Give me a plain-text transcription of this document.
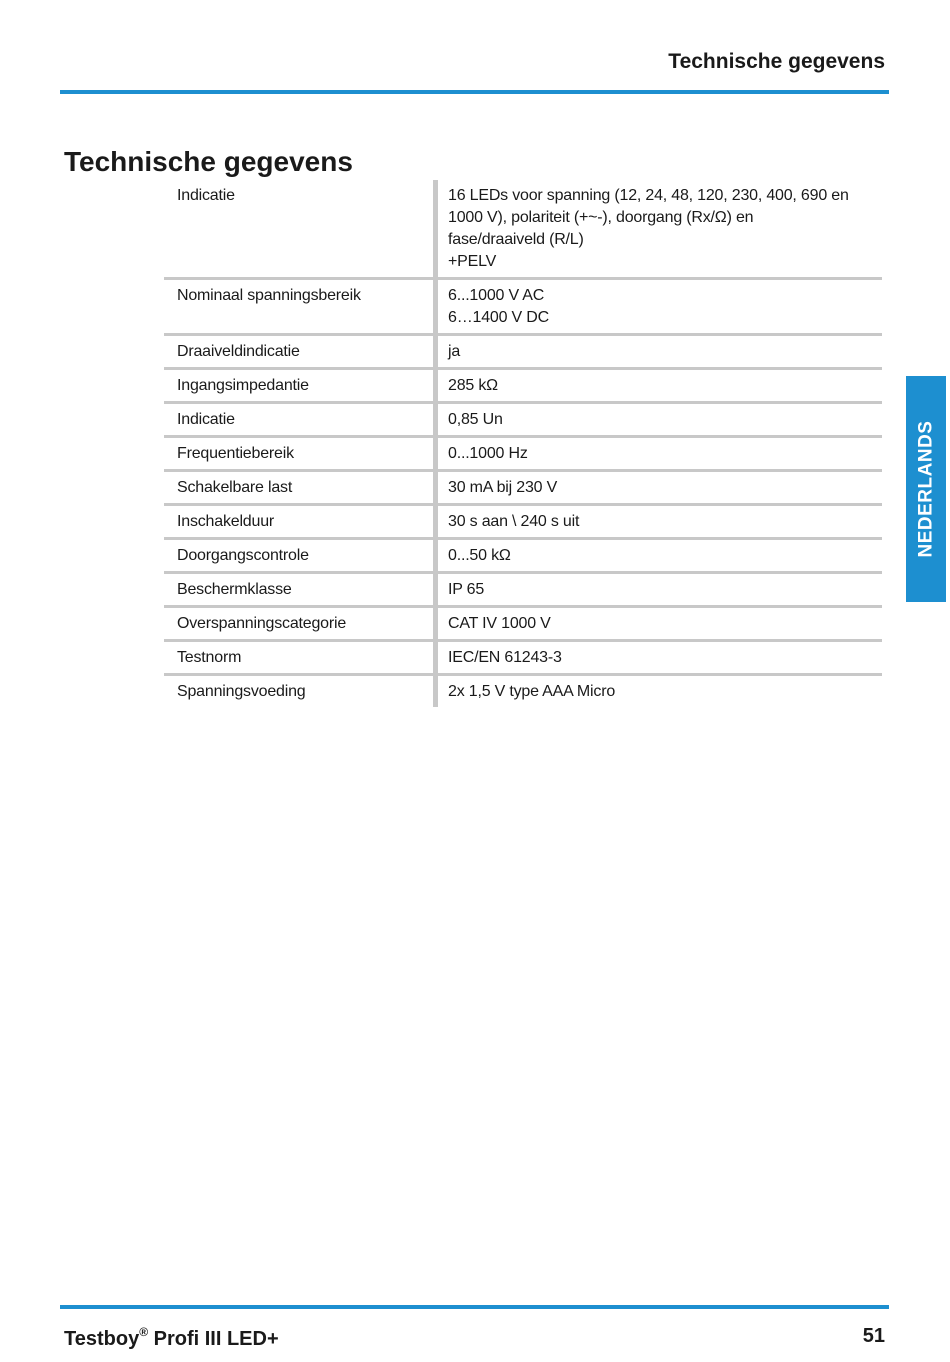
Technische gegevens
Technische gegevens
Indicatie	16 LEDs voor spanning (12, 24, 48, 120, 230, 400, 690 en
1000 V), polariteit (+~-), doorgang (Rx/Ω) en
fase/draaiveld (R/L)
+PELV
Nominaal spanningsbereik	6...1000 V AC
6…1400 V DC
Draaiveldindicatie	ja
Ingangsimpedantie	285 kΩ
Indicatie	0,85 Un
Frequentiebereik	0...1000 Hz
Schakelbare last	30 mA bij 230 V
Inschakelduur	30 s aan \ 240 s uit
Doorgangscontrole	0...50 kΩ
Beschermklasse	IP 65
Overspanningscategorie	CAT IV 1000 V
Testnorm	IEC/EN 61243-3
Spanningsvoeding	2x 1,5 V type AAA Micro
NEDERLANDS
Testboy® Profi III LED+	51
